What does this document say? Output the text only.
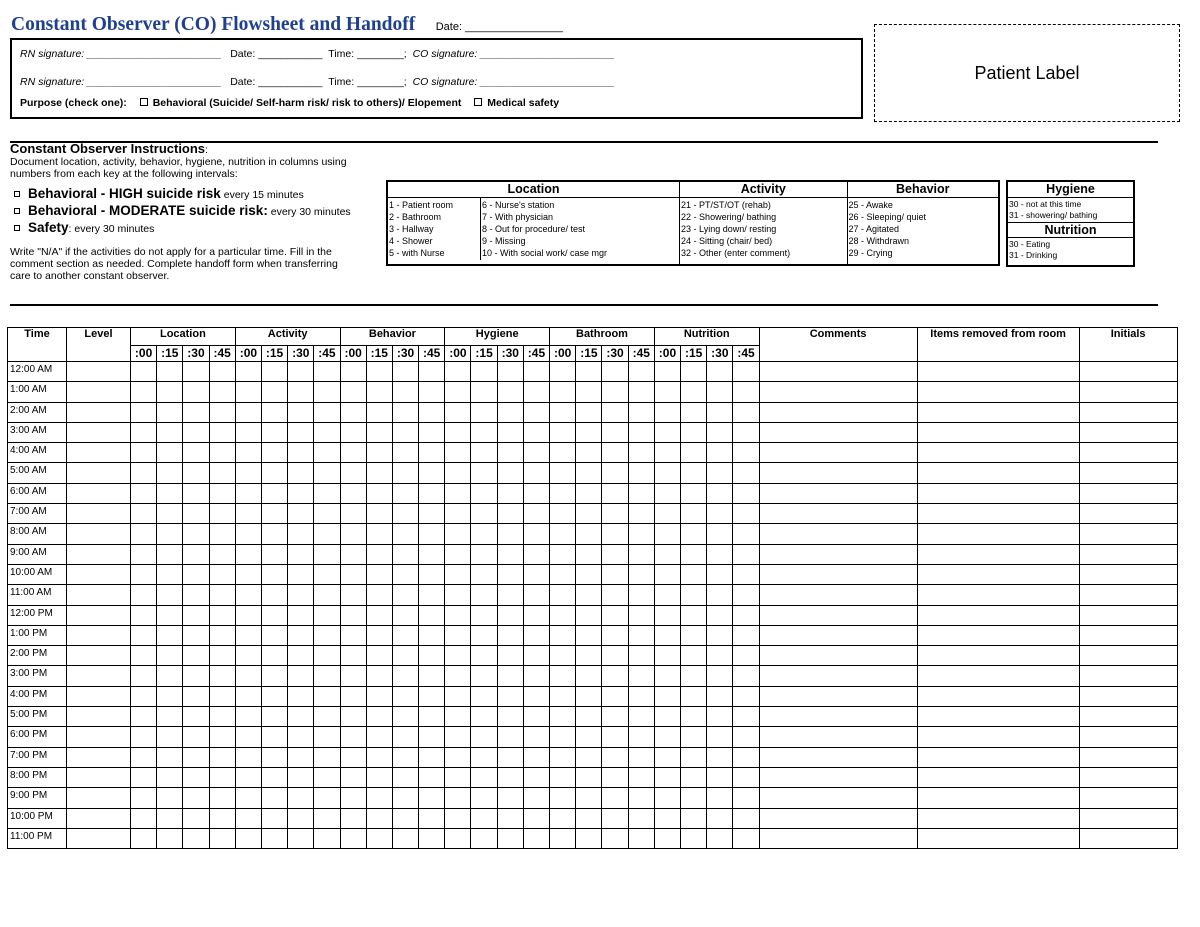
Constant Observer (CO) Flowsheet and Handoff Date: ________________
RN signature: _______________________ Date: ___________ Time: ________; CO signature: _______________________
RN signature: _______________________ Date: ___________ Time: ________; CO signature: _______________________
Purpose (check one): Behavioral (Suicide/ Self-harm risk/ risk to others)/ Elopement Medical safety
Patient Label
Constant Observer Instructions:
Document location, activity, behavior, hygiene, nutrition in columns using numbers from each key at the following intervals:
Behavioral - HIGH suicide risk every 15 minutes
Behavioral - MODERATE suicide risk: every 30 minutes
Safety: every 30 minutes
Write "N/A" if the activities do not apply for a particular time. Fill in the comment section as needed. Complete handoff form when transferring care to another constant observer.
Location
1 - Patient room
2 - Bathroom
3 - Hallway
4 - Shower
5 - with Nurse
6 - Nurse's station
7 - With physician
8 - Out for procedure/ test
9 - Missing
10 - With social work/ case mgr
Activity
21 - PT/ST/OT (rehab)
22 - Showering/ bathing
23 - Lying down/ resting
24 - Sitting (chair/ bed)
32 - Other (enter comment)
Behavior
25 - Awake
26 - Sleeping/ quiet
27 - Agitated
28 - Withdrawn
29 - Crying
Hygiene
30 - not at this time
31 - showering/ bathing
Nutrition
30 - Eating
31 - Drinking
Time	Level	Location				Activity				Behavior				Hygiene				Bathroom				Nutrition				Comments	Items removed from room	Initials
		:00	:15	:30	:45	:00	:15	:30	:45	:00	:15	:30	:45	:00	:15	:30	:45	:00	:15	:30	:45	:00	:15	:30	:45			
12:00 AM																												
1:00 AM																												
2:00 AM																												
3:00 AM																												
4:00 AM																												
5:00 AM																												
6:00 AM																												
7:00 AM																												
8:00 AM																												
9:00 AM																												
10:00 AM																												
11:00 AM																												
12:00 PM																												
1:00 PM																												
2:00 PM																												
3:00 PM																												
4:00 PM																												
5:00 PM																												
6:00 PM																												
7:00 PM																												
8:00 PM																												
9:00 PM																												
10:00 PM																												
11:00 PM																												
